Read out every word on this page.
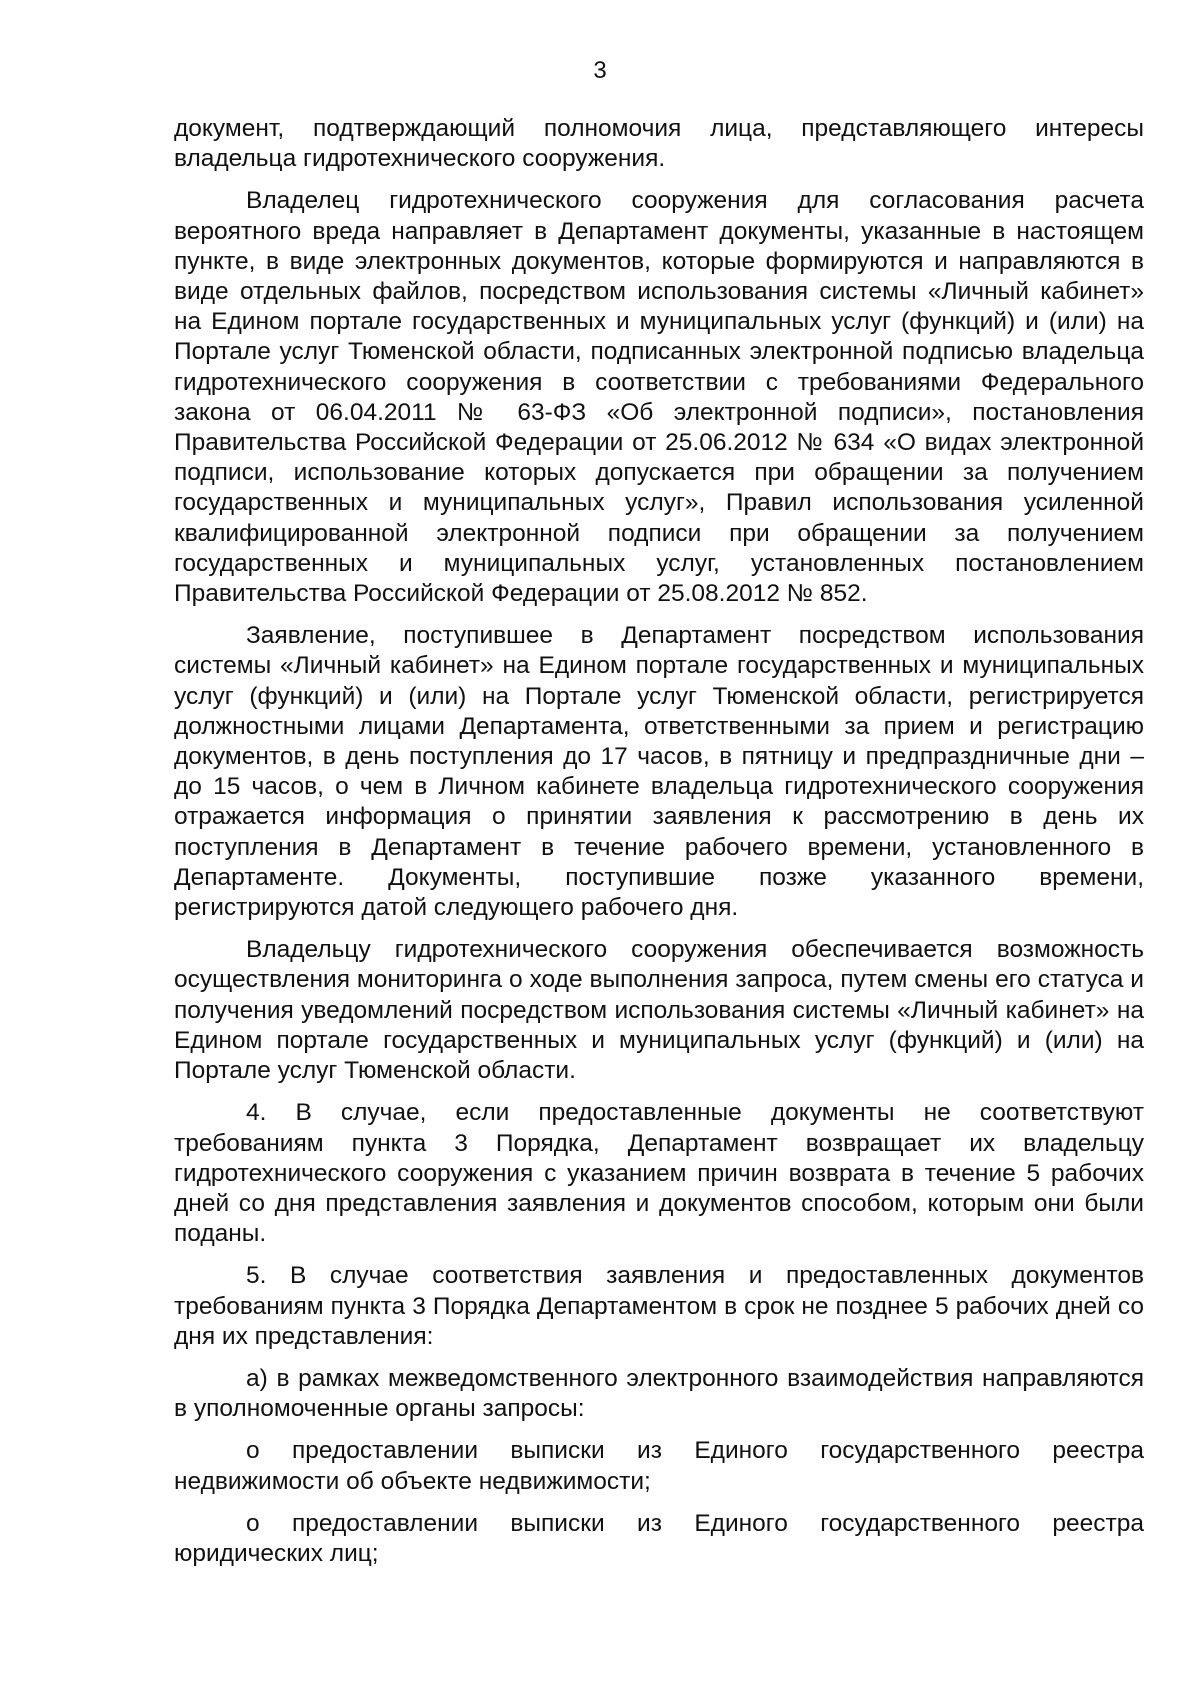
3

документ, подтверждающий полномочия лица, представляющего интересы владельца гидротехнического сооружения.

Владелец гидротехнического сооружения для согласования расчета вероятного вреда направляет в Департамент документы, указанные в настоящем пункте, в виде электронных документов, которые формируются и направляются в виде отдельных файлов, посредством использования системы «Личный кабинет» на Едином портале государственных и муниципальных услуг (функций) и (или) на Портале услуг Тюменской области, подписанных электронной подписью владельца гидротехнического сооружения в соответствии с требованиями Федерального закона от 06.04.2011 № 63-ФЗ «Об электронной подписи», постановления Правительства Российской Федерации от 25.06.2012 № 634 «О видах электронной подписи, использование которых допускается при обращении за получением государственных и муниципальных услуг», Правил использования усиленной квалифицированной электронной подписи при обращении за получением государственных и муниципальных услуг, установленных постановлением Правительства Российской Федерации от 25.08.2012 № 852.

Заявление, поступившее в Департамент посредством использования системы «Личный кабинет» на Едином портале государственных и муниципальных услуг (функций) и (или) на Портале услуг Тюменской области, регистрируется должностными лицами Департамента, ответственными за прием и регистрацию документов, в день поступления до 17 часов, в пятницу и предпраздничные дни – до 15 часов, о чем в Личном кабинете владельца гидротехнического сооружения отражается информация о принятии заявления к рассмотрению в день их поступления в Департамент в течение рабочего времени, установленного в Департаменте. Документы, поступившие позже указанного времени, регистрируются датой следующего рабочего дня.

Владельцу гидротехнического сооружения обеспечивается возможность осуществления мониторинга о ходе выполнения запроса, путем смены его статуса и получения уведомлений посредством использования системы «Личный кабинет» на Едином портале государственных и муниципальных услуг (функций) и (или) на Портале услуг Тюменской области.

4. В случае, если предоставленные документы не соответствуют требованиям пункта 3 Порядка, Департамент возвращает их владельцу гидротехнического сооружения с указанием причин возврата в течение 5 рабочих дней со дня представления заявления и документов способом, которым они были поданы.

5. В случае соответствия заявления и предоставленных документов требованиям пункта 3 Порядка Департаментом в срок не позднее 5 рабочих дней со дня их представления:

а) в рамках межведомственного электронного взаимодействия направляются в уполномоченные органы запросы:

о предоставлении выписки из Единого государственного реестра недвижимости об объекте недвижимости;

о предоставлении выписки из Единого государственного реестра юридических лиц;
